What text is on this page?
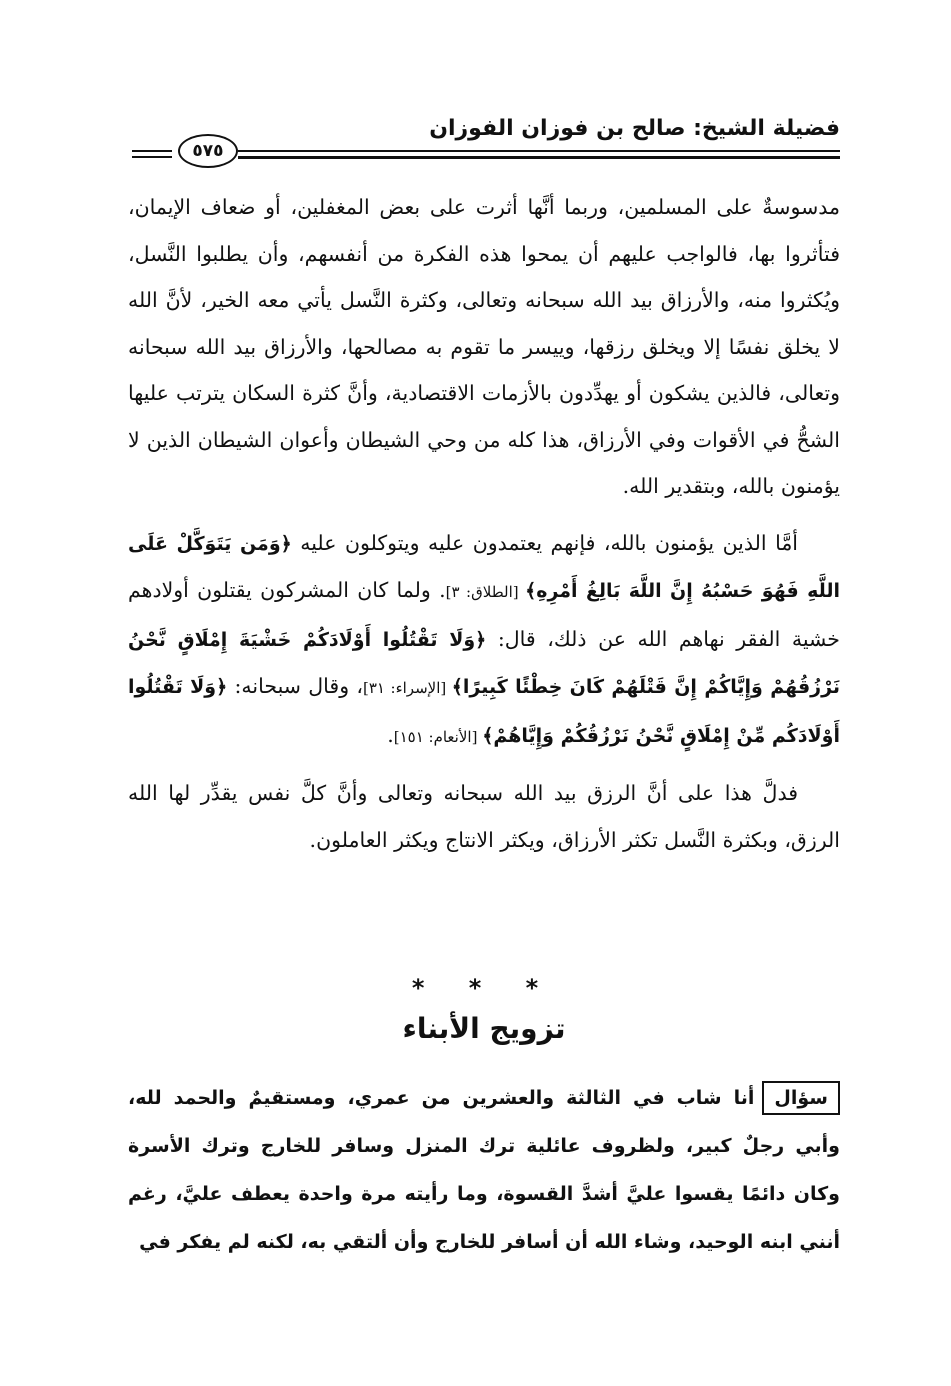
فضيلة الشيخ: صالح بن فوزان الفوزان
٥٧٥

مدسوسةٌ على المسلمين، وربما أنَّها أثرت على بعض المغفلين، أو ضعاف الإيمان، فتأثروا بها، فالواجب عليهم أن يمحوا هذه الفكرة من أنفسهم، وأن يطلبوا النَّسل، ويُكثروا منه، والأرزاق بيد الله سبحانه وتعالى، وكثرة النَّسل يأتي معه الخير، لأنَّ الله لا يخلق نفسًا إلا ويخلق رزقها، وييسر ما تقوم به مصالحها، والأرزاق بيد الله سبحانه وتعالى، فالذين يشكون أو يهدِّدون بالأزمات الاقتصادية، وأنَّ كثرة السكان يترتب عليها الشحُّ في الأقوات وفي الأرزاق، هذا كله من وحي الشيطان وأعوان الشيطان الذين لا يؤمنون بالله، وبتقدير الله.

أمَّا الذين يؤمنون بالله، فإنهم يعتمدون عليه ويتوكلون عليه ﴿وَمَن يَتَوَكَّلْ عَلَى اللَّهِ فَهُوَ حَسْبُهُ إِنَّ اللَّهَ بَالِغُ أَمْرِهِ﴾ [الطلاق: ٣]. ولما كان المشركون يقتلون أولادهم خشية الفقر نهاهم الله عن ذلك، قال: ﴿وَلَا تَقْتُلُوا أَوْلَادَكُمْ خَشْيَةَ إِمْلَاقٍ نَّحْنُ نَرْزُقُهُمْ وَإِيَّاكُمْ إِنَّ قَتْلَهُمْ كَانَ خِطْئًا كَبِيرًا﴾ [الإسراء: ٣١]، وقال سبحانه: ﴿وَلَا تَقْتُلُوا أَوْلَادَكُم مِّنْ إِمْلَاقٍ نَّحْنُ نَرْزُقُكُمْ وَإِيَّاهُمْ﴾ [الأنعام: ١٥١].

فدلَّ هذا على أنَّ الرزق بيد الله سبحانه وتعالى وأنَّ كلَّ نفس يقدِّر لها الله الرزق، وبكثرة النَّسل تكثر الأرزاق، ويكثر الانتاج ويكثر العاملون.

* * *
تزويج الأبناء
سؤالأنا شاب في الثالثة والعشرين من عمري، ومستقيمٌ والحمد لله، وأبي رجلٌ كبير، ولظروف عائلية ترك المنزل وسافر للخارج وترك الأسرة وكان دائمًا يقسوا عليَّ أشدَّ القسوة، وما رأيته مرة واحدة يعطف عليَّ، رغم أنني ابنه الوحيد، وشاء الله أن أسافر للخارج وأن ألتقي به، لكنه لم يفكر في
